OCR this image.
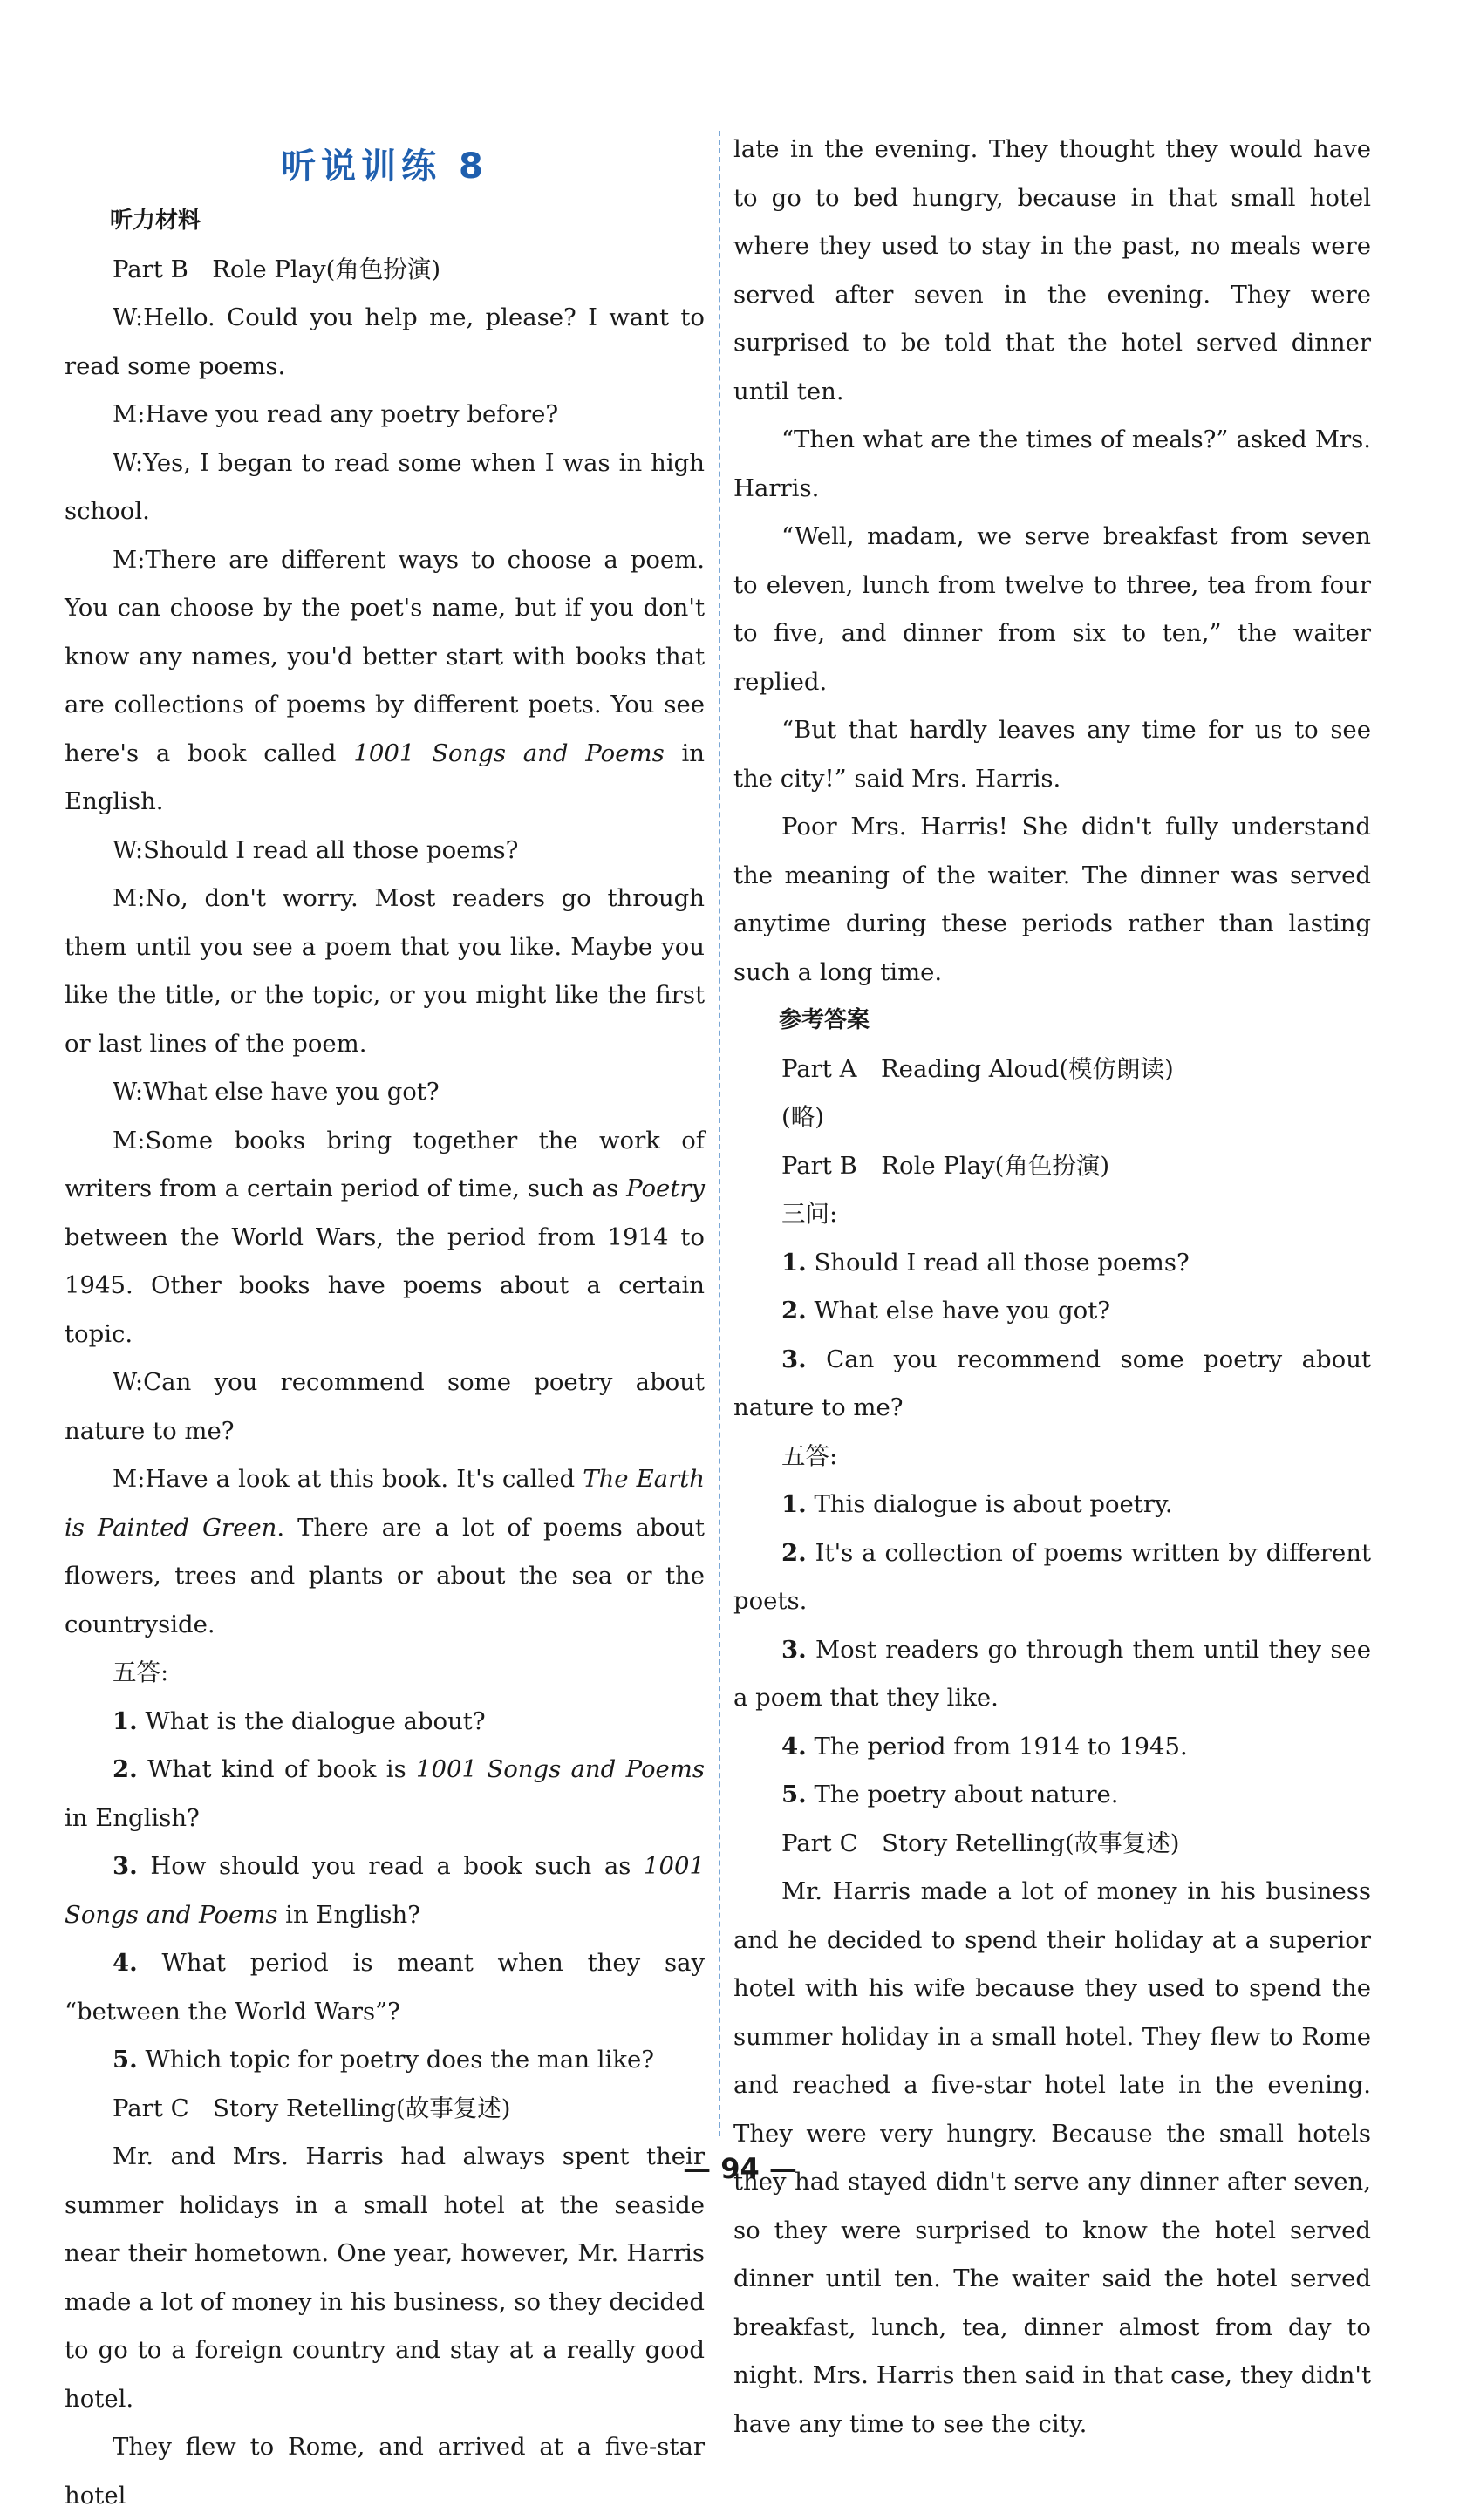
听说训练 8

听力材料

Part B Role Play(角色扮演)

W:Hello. Could you help me, please? I want to read some poems.

M:Have you read any poetry before?

W:Yes, I began to read some when I was in high school.

M:There are different ways to choose a poem. You can choose by the poet's name, but if you don't know any names, you'd better start with books that are collections of poems by different poets. You see here's a book called 1001 Songs and Poems in English.

W:Should I read all those poems?

M:No, don't worry. Most readers go through them until you see a poem that you like. Maybe you like the title, or the topic, or you might like the first or last lines of the poem.

W:What else have you got?

M:Some books bring together the work of writers from a certain period of time, such as Poetry between the World Wars, the period from 1914 to 1945. Other books have poems about a certain topic.

W:Can you recommend some poetry about nature to me?

M:Have a look at this book. It's called The Earth is Painted Green. There are a lot of poems about flowers, trees and plants or about the sea or the countryside.

五答:

1. What is the dialogue about?

2. What kind of book is 1001 Songs and Poems in English?

3. How should you read a book such as 1001 Songs and Poems in English?

4. What period is meant when they say “between the World Wars”?

5. Which topic for poetry does the man like?

Part C Story Retelling(故事复述)

Mr. and Mrs. Harris had always spent their summer holidays in a small hotel at the seaside near their hometown. One year, however, Mr. Harris made a lot of money in his business, so they decided to go to a foreign country and stay at a really good hotel.

They flew to Rome, and arrived at a five-star hotel

late in the evening. They thought they would have to go to bed hungry, because in that small hotel where they used to stay in the past, no meals were served after seven in the evening. They were surprised to be told that the hotel served dinner until ten.

“Then what are the times of meals?” asked Mrs. Harris.

“Well, madam, we serve breakfast from seven to eleven, lunch from twelve to three, tea from four to five, and dinner from six to ten,” the waiter replied.

“But that hardly leaves any time for us to see the city!” said Mrs. Harris.

Poor Mrs. Harris! She didn't fully understand the meaning of the waiter. The dinner was served anytime during these periods rather than lasting such a long time.

参考答案

Part A Reading Aloud(模仿朗读)

(略)

Part B Role Play(角色扮演)

三问:

1. Should I read all those poems?

2. What else have you got?

3. Can you recommend some poetry about nature to me?

五答:

1. This dialogue is about poetry.

2. It's a collection of poems written by different poets.

3. Most readers go through them until they see a poem that they like.

4. The period from 1914 to 1945.

5. The poetry about nature.

Part C Story Retelling(故事复述)

Mr. Harris made a lot of money in his business and he decided to spend their holiday at a superior hotel with his wife because they used to spend the summer holiday in a small hotel. They flew to Rome and reached a five-star hotel late in the evening. They were very hungry. Because the small hotels they had stayed didn't serve any dinner after seven, so they were surprised to know the hotel served dinner until ten. The waiter said the hotel served breakfast, lunch, tea, dinner almost from day to night. Mrs. Harris then said in that case, they didn't have any time to see the city.

— 94 —
